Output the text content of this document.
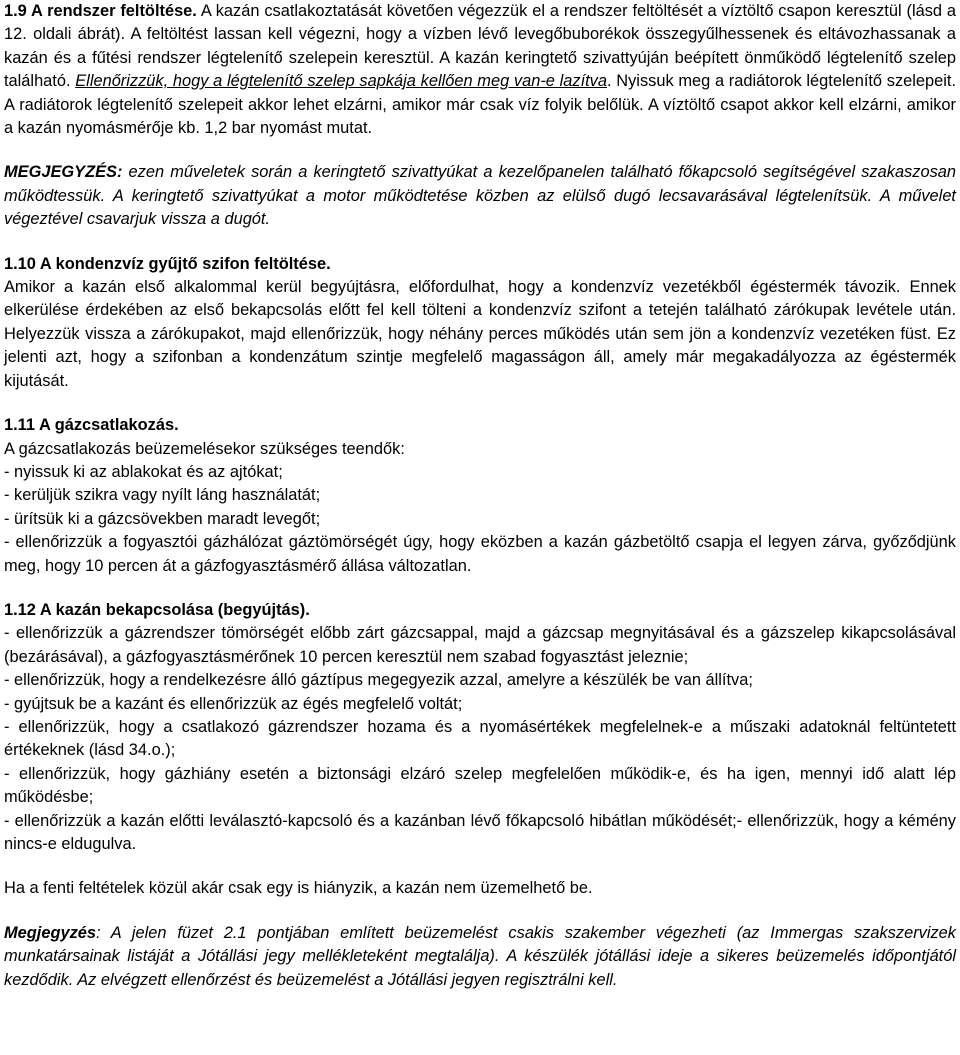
1.9 A rendszer feltöltése. A kazán csatlakoztatását követően végezzük el a rendszer feltöltését a víztöltő csapon keresztül (lásd a 12. oldali ábrát). A feltöltést lassan kell végezni, hogy a vízben lévő levegőbuborékok összegyűlhessenek és eltávozhassanak a kazán és a fűtési rendszer légtelenítő szelepein keresztül. A kazán keringtető szivattyúján beépített önműködő légtelenítő szelep található. Ellenőrizzük, hogy a légtelenítő szelep sapkája kellően meg van-e lazítva. Nyissuk meg a radiátorok légtelenítő szelepeit. A radiátorok légtelenítő szelepeit akkor lehet elzárni, amikor már csak víz folyik belőlük. A víztöltő csapot akkor kell elzárni, amikor a kazán nyomásmérője kb. 1,2 bar nyomást mutat.

MEGJEGYZÉS: ezen műveletek során a keringtető szivattyúkat a kezelőpanelen található főkapcsoló segítségével szakaszosan működtessük. A keringtető szivattyúkat a motor működtetése közben az elülső dugó lecsavarásával légtelenítsük. A művelet végeztével csavarjuk vissza a dugót.

1.10 A kondenzvíz gyűjtő szifon feltöltése.

Amikor a kazán első alkalommal kerül begyújtásra, előfordulhat, hogy a kondenzvíz vezetékből égéstermék távozik. Ennek elkerülése érdekében az első bekapcsolás előtt fel kell tölteni a kondenzvíz szifont a tetején található zárókupak levétele után. Helyezzük vissza a zárókupakot, majd ellenőrizzük, hogy néhány perces működés után sem jön a kondenzvíz vezetéken füst. Ez jelenti azt, hogy a szifonban a kondenzátum szintje megfelelő magasságon áll, amely már megakadályozza az égéstermék kijutását.

1.11 A gázcsatlakozás.

A gázcsatlakozás beüzemelésekor szükséges teendők:

- nyissuk ki az ablakokat és az ajtókat;

- kerüljük szikra vagy nyílt láng használatát;

- ürítsük ki a gázcsövekben maradt levegőt;

- ellenőrizzük a fogyasztói gázhálózat gáztömörségét úgy, hogy eközben a kazán gázbetöltő csapja el legyen zárva, győződjünk meg, hogy 10 percen át a gázfogyasztásmérő állása változatlan.

1.12 A kazán bekapcsolása (begyújtás).

- ellenőrizzük a gázrendszer tömörségét előbb zárt gázcsappal, majd a gázcsap megnyitásával és a gázszelep kikapcsolásával (bezárásával), a gázfogyasztásmérőnek 10 percen keresztül nem szabad fogyasztást jeleznie;

- ellenőrizzük, hogy a rendelkezésre álló gáztípus megegyezik azzal, amelyre a készülék be van állítva;

- gyújtsuk be a kazánt és ellenőrizzük az égés megfelelő voltát;

- ellenőrizzük, hogy a csatlakozó gázrendszer hozama és a nyomásértékek megfelelnek-e a műszaki adatoknál feltüntetett értékeknek (lásd 34.o.);

- ellenőrizzük, hogy gázhiány esetén a biztonsági elzáró szelep megfelelően működik-e, és ha igen, mennyi idő alatt lép működésbe;

- ellenőrizzük a kazán előtti leválasztó-kapcsoló és a kazánban lévő főkapcsoló hibátlan működését;- ellenőrizzük, hogy a kémény nincs-e eldugulva.

Ha a fenti feltételek közül akár csak egy is hiányzik, a kazán nem üzemelhető be.

Megjegyzés: A jelen füzet 2.1 pontjában említett beüzemelést csakis szakember végezheti (az Immergas szakszervizek munkatársainak listáját a Jótállási jegy mellékleteként megtalálja). A készülék jótállási ideje a sikeres beüzemelés időpontjától kezdődik. Az elvégzett ellenőrzést és beüzemelést a Jótállási jegyen regisztrálni kell.
